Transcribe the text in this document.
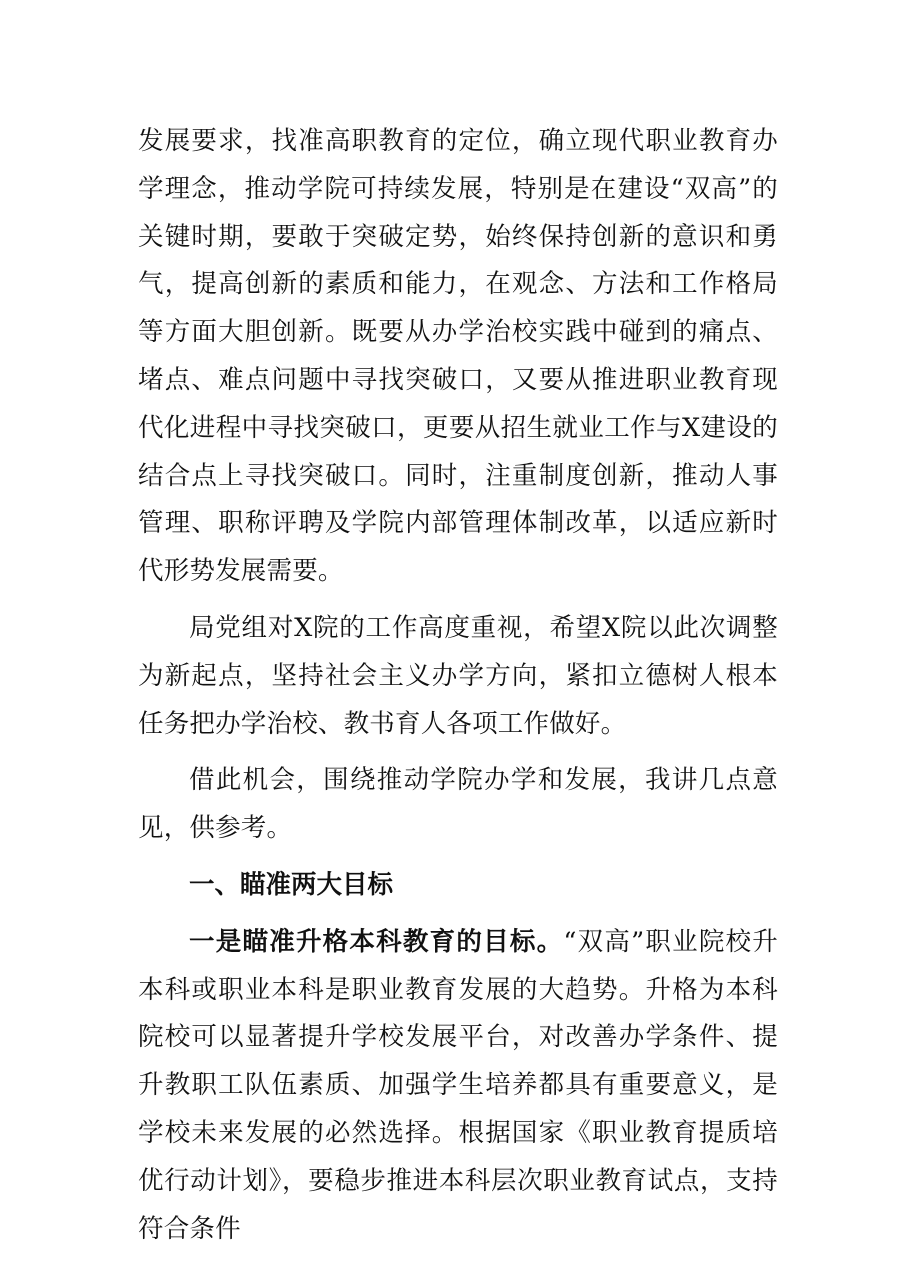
发展要求，找准高职教育的定位，确立现代职业教育办学理念，推动学院可持续发展，特别是在建设“双高”的关键时期，要敢于突破定势，始终保持创新的意识和勇气，提高创新的素质和能力，在观念、方法和工作格局等方面大胆创新。既要从办学治校实践中碰到的痛点、堵点、难点问题中寻找突破口，又要从推进职业教育现代化进程中寻找突破口，更要从招生就业工作与X建设的结合点上寻找突破口。同时，注重制度创新，推动人事管理、职称评聘及学院内部管理体制改革，以适应新时代形势发展需要。

局党组对X院的工作高度重视，希望X院以此次调整为新起点，坚持社会主义办学方向，紧扣立德树人根本任务把办学治校、教书育人各项工作做好。

借此机会，围绕推动学院办学和发展，我讲几点意见，供参考。

一、瞄准两大目标

一是瞄准升格本科教育的目标。“双高”职业院校升本科或职业本科是职业教育发展的大趋势。升格为本科院校可以显著提升学校发展平台，对改善办学条件、提升教职工队伍素质、加强学生培养都具有重要意义，是学校未来发展的必然选择。根据国家《职业教育提质培优行动计划》，要稳步推进本科层次职业教育试点，支持符合条件
